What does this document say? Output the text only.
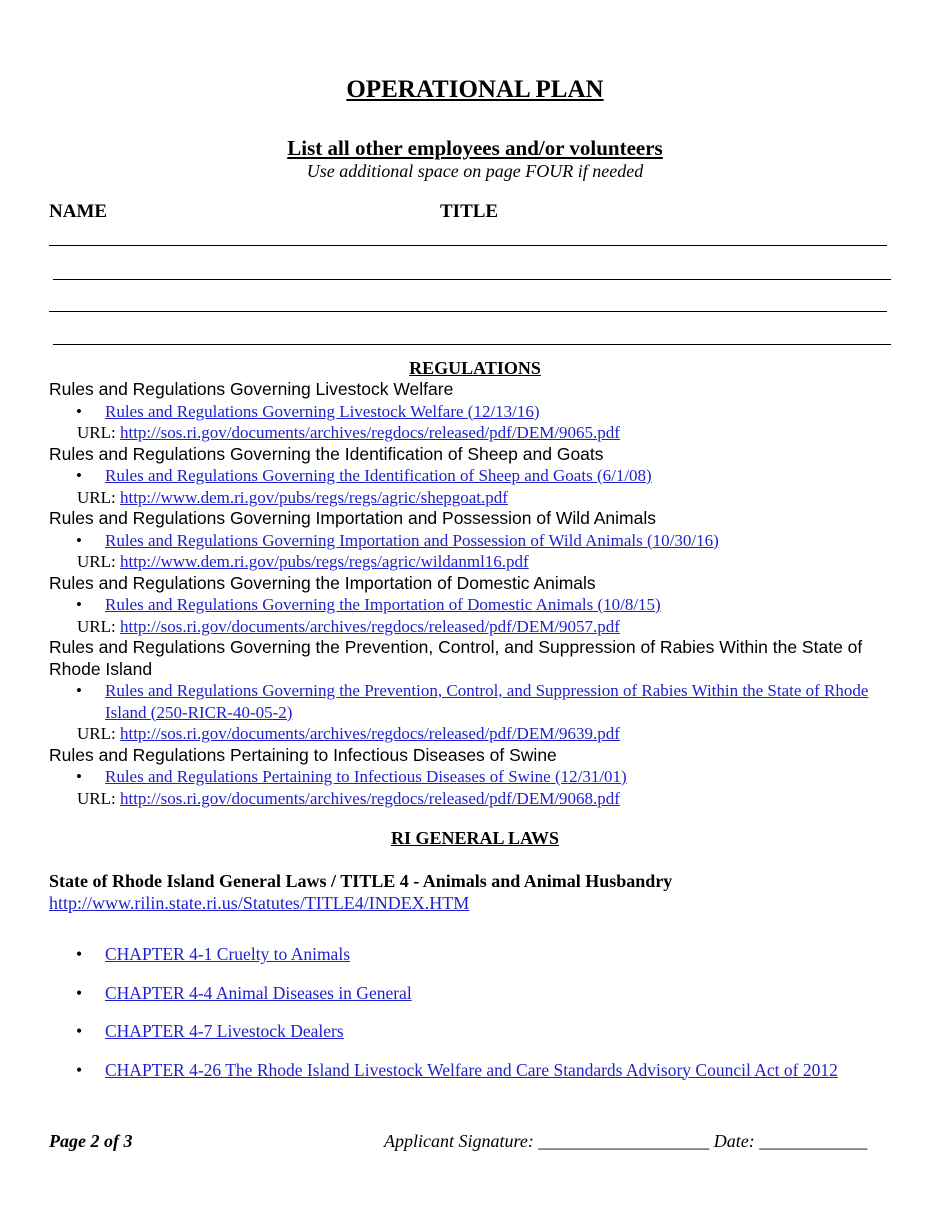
OPERATIONAL PLAN
List all other employees and/or volunteers
Use additional space on page FOUR if needed
NAME	TITLE
REGULATIONS

Rules and Regulations Governing Livestock Welfare

• Rules and Regulations Governing Livestock Welfare (12/13/16)

URL: http://sos.ri.gov/documents/archives/regdocs/released/pdf/DEM/9065.pdf

Rules and Regulations Governing the Identification of Sheep and Goats

• Rules and Regulations Governing the Identification of Sheep and Goats (6/1/08)

URL: http://www.dem.ri.gov/pubs/regs/regs/agric/shepgoat.pdf

Rules and Regulations Governing Importation and Possession of Wild Animals

• Rules and Regulations Governing Importation and Possession of Wild Animals (10/30/16)

URL: http://www.dem.ri.gov/pubs/regs/regs/agric/wildanml16.pdf

Rules and Regulations Governing the Importation of Domestic Animals

• Rules and Regulations Governing the Importation of Domestic Animals (10/8/15)

URL: http://sos.ri.gov/documents/archives/regdocs/released/pdf/DEM/9057.pdf

Rules and Regulations Governing the Prevention, Control, and Suppression of Rabies Within the State of Rhode Island

• Rules and Regulations Governing the Prevention, Control, and Suppression of Rabies Within the State of Rhode Island (250-RICR-40-05-2)

URL: http://sos.ri.gov/documents/archives/regdocs/released/pdf/DEM/9639.pdf

Rules and Regulations Pertaining to Infectious Diseases of Swine

• Rules and Regulations Pertaining to Infectious Diseases of Swine (12/31/01)

URL: http://sos.ri.gov/documents/archives/regdocs/released/pdf/DEM/9068.pdf

RI GENERAL LAWS
State of Rhode Island General Laws / TITLE 4 - Animals and Animal Husbandry
http://www.rilin.state.ri.us/Statutes/TITLE4/INDEX.HTM
• CHAPTER 4-1 Cruelty to Animals
• CHAPTER 4-4 Animal Diseases in General
• CHAPTER 4-7 Livestock Dealers
• CHAPTER 4-26 The Rhode Island Livestock Welfare and Care Standards Advisory Council Act of 2012
Page 2 of 3	Applicant Signature: ___________________ Date: ____________
